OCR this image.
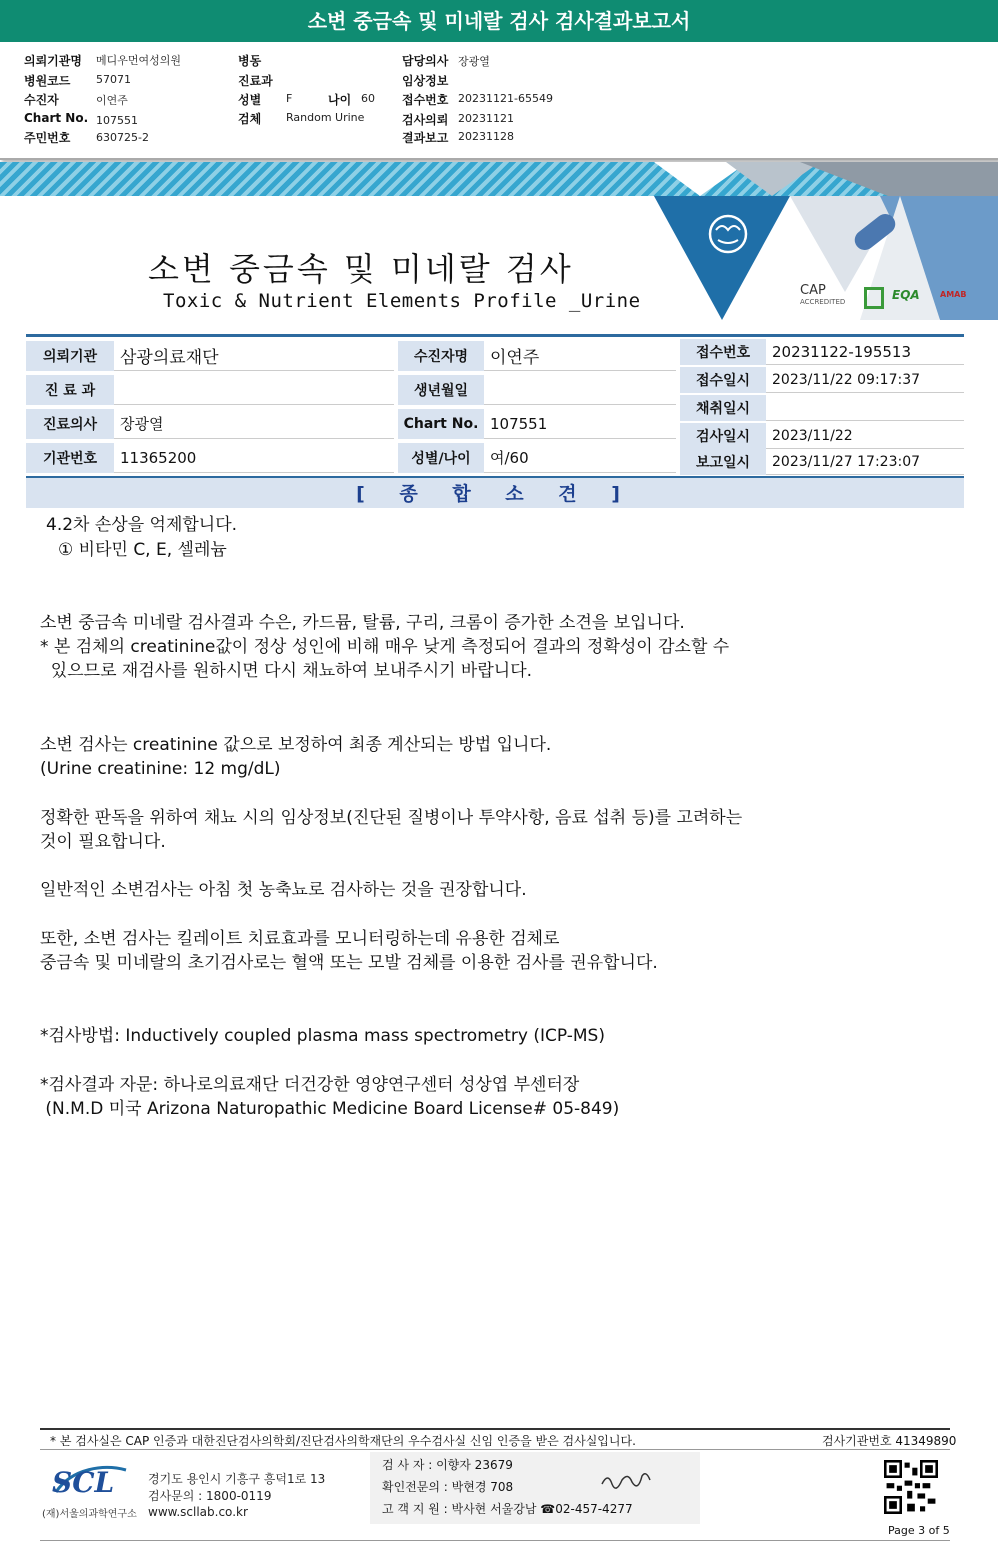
소변 중금속 및 미네랄 검사 검사결과보고서
의뢰기관명 메디우먼여성의원
병원코드 57071
수진자	이연주
Chart No. 107551
주민번호 630725-2
병동
진료과
성별 F	나이 60
검체 Random Urine
담당의사 장광열
임상정보
접수번호 20231121-65549
검사의뢰 20231121
결과보고 20231128
소변 중금속 및 미네랄 검사
Toxic & Nutrient Elements Profile _Urine	CAP
ACCREDITED	EQA	AMAB
의뢰기관	삼광의료재단
진 료 과
진료의사	장광열
기관번호	11365200
수진자명	이연주
생년월일
Chart No. 107551
성별/나이	여/60
접수번호	20231122-195513
접수일시	2023/11/22 09:17:37
채취일시
검사일시	2023/11/22
보고일시	2023/11/27 17:23:07
[ 종 합 소 견 ]
4.2차 손상을 억제합니다.
① 비타민 C, E, 셀레늄
소변 중금속 미네랄 검사결과 수은, 카드뮴, 탈륨, 구리, 크롬이 증가한 소견을 보입니다.
* 본 검체의 creatinine값이 정상 성인에 비해 매우 낮게 측정되어 결과의 정확성이 감소할 수
있으므로 재검사를 원하시면 다시 채뇨하여 보내주시기 바랍니다.
소변 검사는 creatinine 값으로 보정하여 최종 계산되는 방법 입니다.
(Urine creatinine: 12 mg/dL)
정확한 판독을 위하여 채뇨 시의 임상정보(진단된 질병이나 투약사항, 음료 섭취 등)를 고려하는
것이 필요합니다.
일반적인 소변검사는 아침 첫 농축뇨로 검사하는 것을 권장합니다.
또한, 소변 검사는 킬레이트 치료효과를 모니터링하는데 유용한 검체로
중금속 및 미네랄의 초기검사로는 혈액 또는 모발 검체를 이용한 검사를 권유합니다.
*검사방법: Inductively coupled plasma mass spectrometry (ICP-MS)
*검사결과 자문: 하나로의료재단 더건강한 영양연구센터 성상엽 부센터장
(N.M.D 미국 Arizona Naturopathic Medicine Board License# 05-849)
* 본 검사실은 CAP 인증과 대한진단검사의학회/진단검사의학재단의 우수검사실 신임 인증을 받은 검사실입니다.	검사기관번호 41349890
SCL
(재)서울의과학연구소
경기도 용인시 기흥구 흥덕1로 13
검사문의 : 1800-0119
www.scllab.co.kr
검 사 자 : 이향자 23679
확인전문의 : 박현경 708
고 객 지 원 : 박사현 서울강남 ☎02-457-4277
Page 3 of 5
